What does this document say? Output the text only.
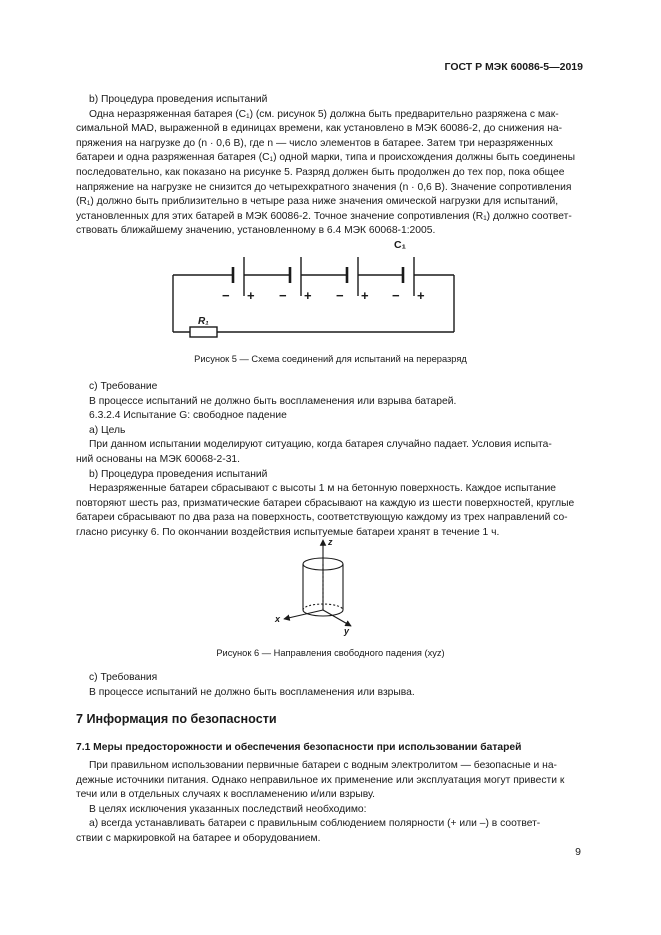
ГОСТ Р МЭК 60086-5—2019

b) Процедура проведения испытаний

Одна неразряженная батарея (C₁) (см. рисунок 5) должна быть предварительно разряжена с мак-

симальной MAD, выраженной в единицах времени, как установлено в МЭК 60086-2, до снижения на-

пряжения на нагрузке до (n · 0,6 В), где n — число элементов в батарее. Затем три неразряженных

батареи и одна разряженная батарея (C₁) одной марки, типа и происхождения должны быть соединены

последовательно, как показано на рисунке 5. Разряд должен быть продолжен до тех пор, пока общее

напряжение на нагрузке не снизится до четырехкратного значения (n · 0,6 В). Значение сопротивления

(R₁) должно быть приблизительно в четыре раза ниже значения омической нагрузки для испытаний,

установленных для этих батарей в МЭК 60086-2. Точное значение сопротивления (R₁) должно соответ-

ствовать ближайшему значению, установленному в 6.4 МЭК 60068-1:2005.

− + − + − + − +
C₁
R₁
Рисунок 5 — Схема соединений для испытаний на переразряд

c) Требование

В процессе испытаний не должно быть воспламенения или взрыва батарей.

6.3.2.4 Испытание G: свободное падение

a) Цель

При данном испытании моделируют ситуацию, когда батарея случайно падает. Условия испыта-

ний основаны на МЭК 60068-2-31.

b) Процедура проведения испытаний

Неразряженные батареи сбрасывают с высоты 1 м на бетонную поверхность. Каждое испытание

повторяют шесть раз, призматические батареи сбрасывают на каждую из шести поверхностей, круглые

батареи сбрасывают по два раза на поверхность, соответствующую каждому из трех направлений со-

гласно рисунку 6. По окончании воздействия испытуемые батареи хранят в течение 1 ч.

z
x
y
Рисунок 6 — Направления свободного падения (xyz)

c) Требования

В процессе испытаний не должно быть воспламенения или взрыва.

7 Информация по безопасности
7.1 Меры предосторожности и обеспечения безопасности при использовании батарей

При правильном использовании первичные батареи с водным электролитом — безопасные и на-

дежные источники питания. Однако неправильное их применение или эксплуатация могут привести к

течи или в отдельных случаях к воспламенению и/или взрыву.

В целях исключения указанных последствий необходимо:

а) всегда устанавливать батареи с правильным соблюдением полярности (+ или –) в соответ-

ствии с маркировкой на батарее и оборудованием.

9
